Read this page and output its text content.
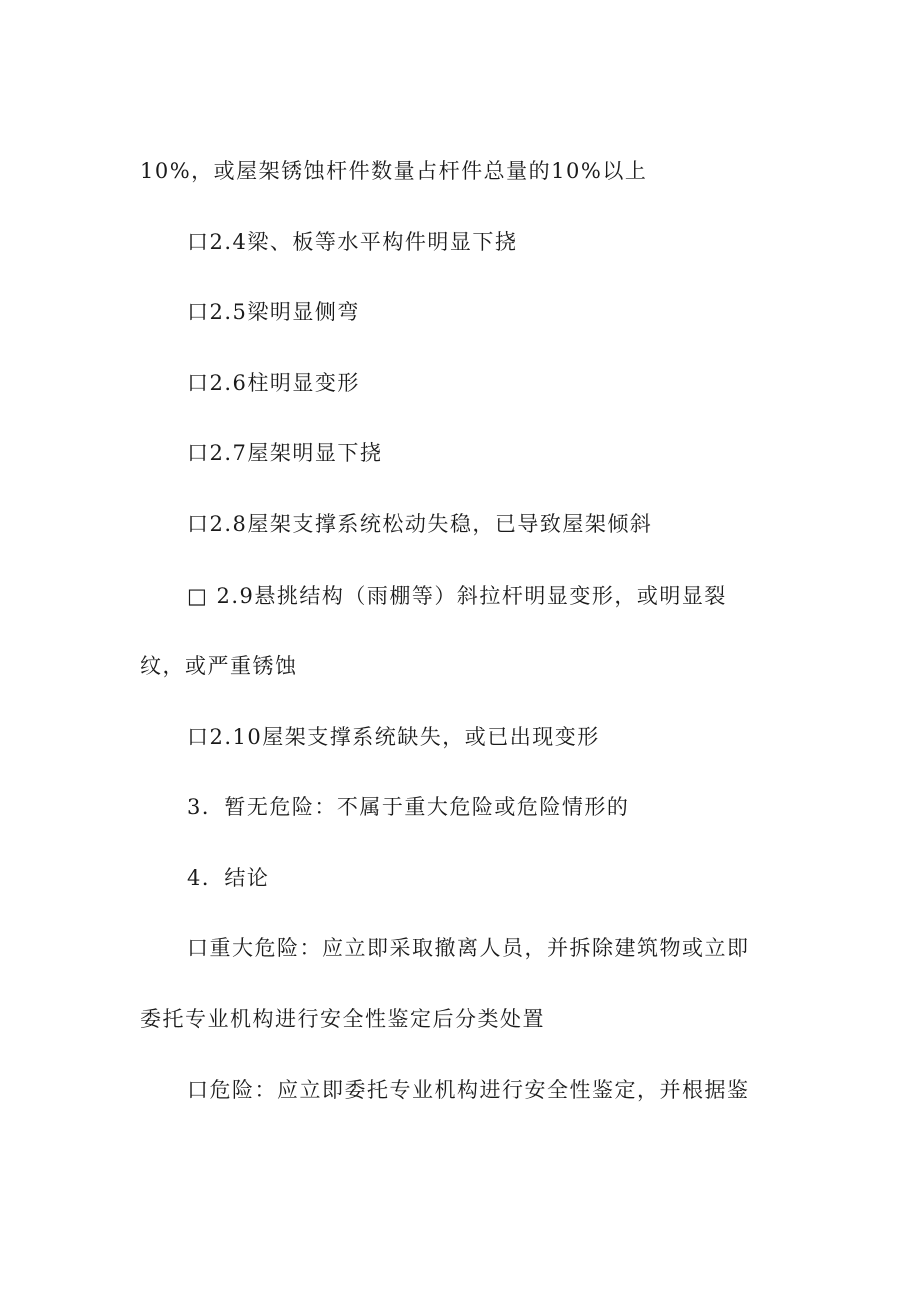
10%，或屋架锈蚀杆件数量占杆件总量的10%以上
口2.4梁、板等水平构件明显下挠
口2.5梁明显侧弯
口2.6柱明显变形
口2.7屋架明显下挠
口2.8屋架支撑系统松动失稳，已导致屋架倾斜
□ 2.9悬挑结构（雨棚等）斜拉杆明显变形，或明显裂
纹，或严重锈蚀
口2.10屋架支撑系统缺失，或已出现变形
3．暂无危险：不属于重大危险或危险情形的
4．结论
口重大危险：应立即采取撤离人员，并拆除建筑物或立即
委托专业机构进行安全性鉴定后分类处置
口危险：应立即委托专业机构进行安全性鉴定，并根据鉴
